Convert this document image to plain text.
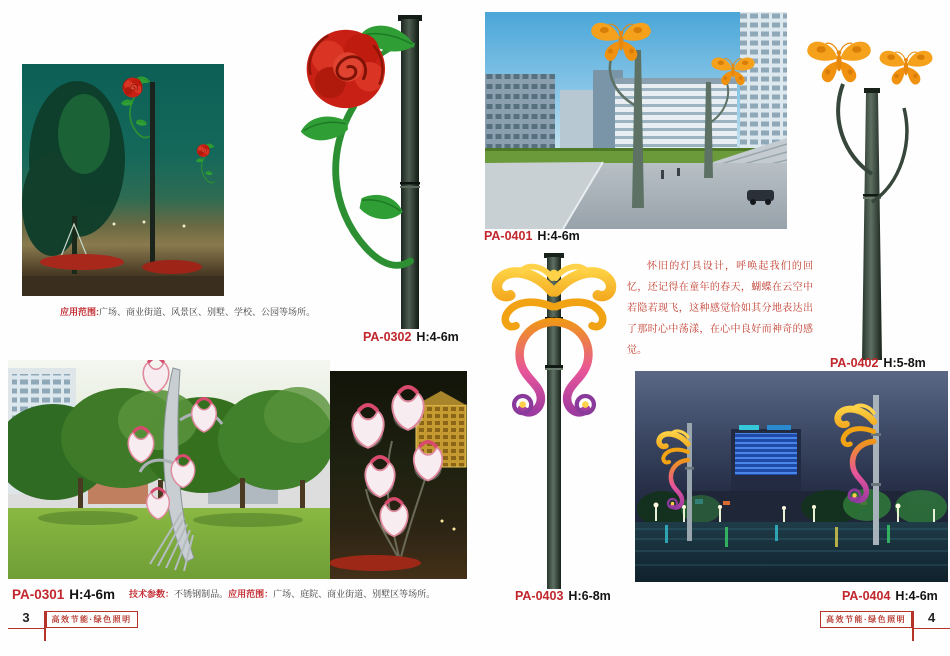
应用范围:广场、商业街道、风景区、别墅、学校、公园等场所。
PA-0302 H:4-6m
PA-0301 H:4-6m 技术参数：不锈钢制品。应用范围：广场、庭院、商业街道、别墅区等场所。
3	高效节能·绿色照明
PA-0401 H:4-6m
怀旧的灯具设计，呼唤起我们的回忆，还记得在童年的春天，蝴蝶在云空中若隐若现飞，这种感觉恰如其分地表达出了那时心中荡漾，在心中良好而神奇的感觉。
PA-0402 H:5-8m
PA-0403 H:6-8m	PA-0404 H:4-6m
高效节能·绿色照明	4
